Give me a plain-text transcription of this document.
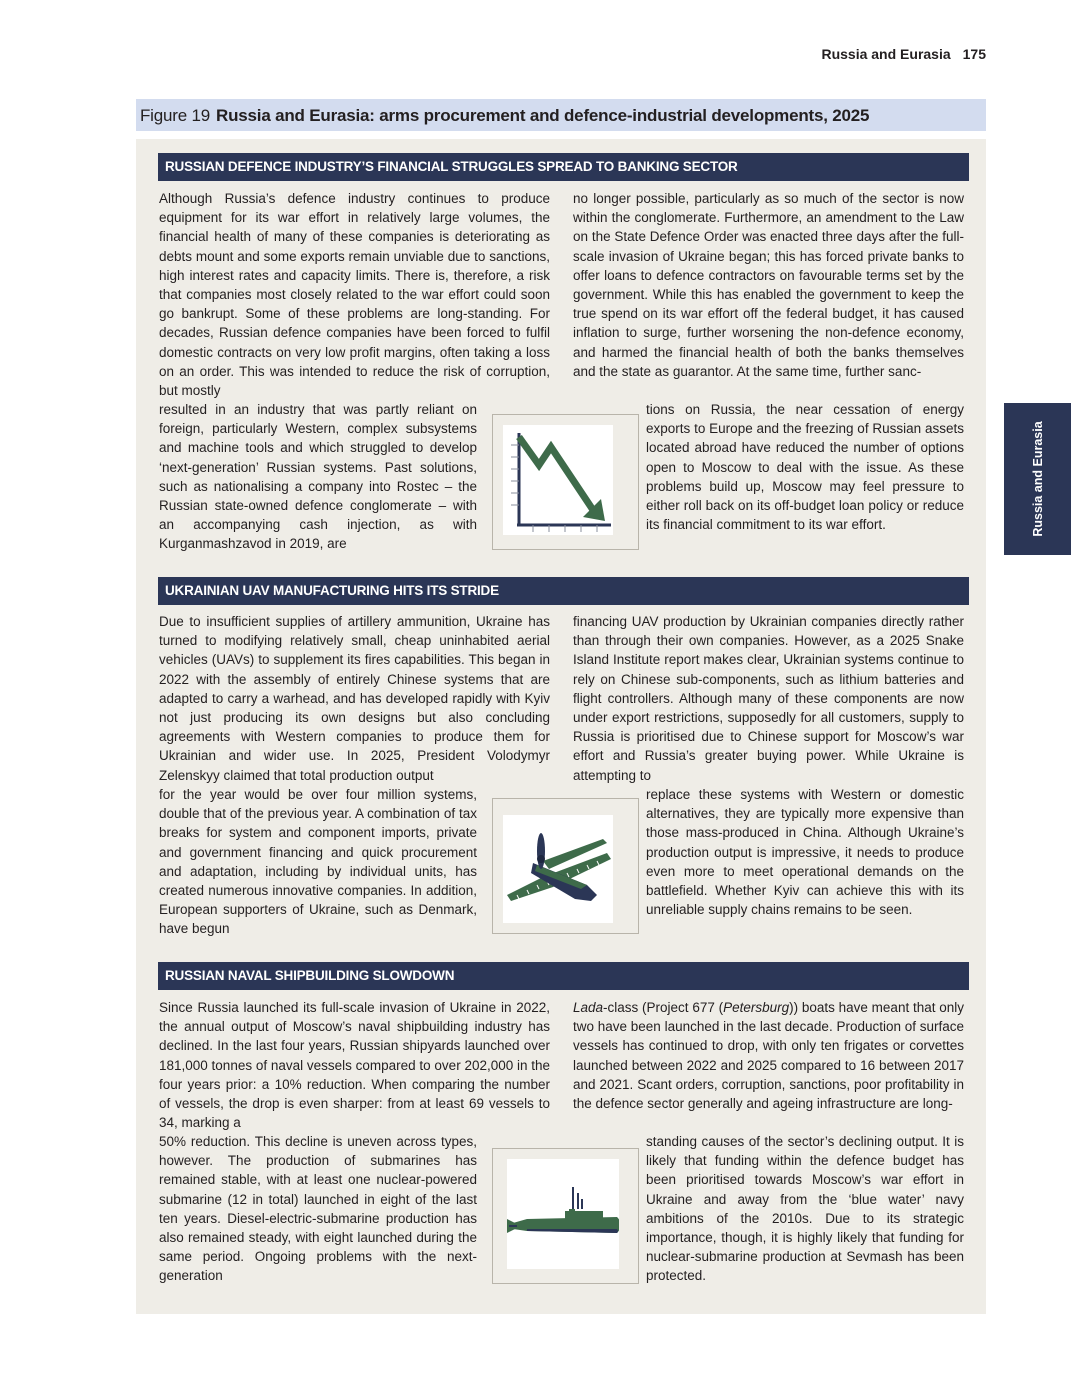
Russia and Eurasia 175
Figure 19 Russia and Eurasia: arms procurement and defence-industrial developments, 2025
Russia and Eurasia
RUSSIAN DEFENCE INDUSTRY’S FINANCIAL STRUGGLES SPREAD TO BANKING SECTOR

Although Russia’s defence industry continues to produce equipment for its war effort in relatively large volumes, the financial health of many of these companies is deteriorating as debts mount and some exports remain unviable due to sanctions, high interest rates and capacity limits. There is, therefore, a risk that companies most closely related to the war effort could soon go bankrupt. Some of these problems are long-standing. For decades, Russian defence companies have been forced to fulfil domestic contracts on very low profit margins, often taking a loss on an order. This was intended to reduce the risk of corruption, but mostly

resulted in an industry that was partly reliant on foreign, particularly Western, complex subsystems and machine tools and which struggled to develop ‘next-generation’ Russian systems. Past solutions, such as nationalising a company into Rostec – the Russian state-owned defence conglomerate – with an accompanying cash injection, as with Kurganmashzavod in 2019, are

no longer possible, particularly as so much of the sector is now within the conglomerate. Furthermore, an amendment to the Law on the State Defence Order was enacted three days after the full-scale invasion of Ukraine began; this has forced private banks to offer loans to defence contractors on favourable terms set by the government. While this has enabled the government to keep the true spend on its war effort off the federal budget, it has caused inflation to surge, further worsening the non-defence economy, and harmed the financial health of both the banks themselves and the state as guarantor. At the same time, further sanc-

tions on Russia, the near cessation of energy exports to Europe and the freezing of Russian assets located abroad have reduced the number of options open to Moscow to deal with the issue. As these problems build up, Moscow may feel pressure to either roll back on its off-budget loan policy or reduce its financial commitment to its war effort.

UKRAINIAN UAV MANUFACTURING HITS ITS STRIDE

Due to insufficient supplies of artillery ammunition, Ukraine has turned to modifying relatively small, cheap uninhabited aerial vehicles (UAVs) to supplement its fires capabilities. This began in 2022 with the assembly of entirely Chinese systems that are adapted to carry a warhead, and has developed rapidly with Kyiv not just producing its own designs but also concluding agreements with Western companies to produce them for Ukrainian and wider use. In 2025, President Volodymyr Zelenskyy claimed that total production output

for the year would be over four million systems, double that of the previous year. A combination of tax breaks for system and component imports, private and government financing and quick procurement and adaptation, including by individual units, has created numerous innovative companies. In addition, European supporters of Ukraine, such as Denmark, have begun

financing UAV production by Ukrainian companies directly rather than through their own companies. However, as a 2025 Snake Island Institute report makes clear, Ukrainian systems continue to rely on Chinese sub-components, such as lithium batteries and flight controllers. Although many of these components are now under export restrictions, supposedly for all customers, supply to Russia is prioritised due to Chinese support for Moscow’s war effort and Russia’s greater buying power. While Ukraine is attempting to

replace these systems with Western or domestic alternatives, they are typically more expensive than those mass-produced in China. Although Ukraine’s production output is impressive, it needs to produce even more to meet operational demands on the battlefield. Whether Kyiv can achieve this with its unreliable supply chains remains to be seen.

RUSSIAN NAVAL SHIPBUILDING SLOWDOWN

Since Russia launched its full-scale invasion of Ukraine in 2022, the annual output of Moscow’s naval shipbuilding industry has declined. In the last four years, Russian shipyards launched over 181,000 tonnes of naval vessels compared to over 202,000 in the four years prior: a 10% reduction. When comparing the number of vessels, the drop is even sharper: from at least 69 vessels to 34, marking a

50% reduction. This decline is uneven across types, however. The production of submarines has remained stable, with at least one nuclear-powered submarine (12 in total) launched in eight of the last ten years. Diesel-electric-submarine production has also remained steady, with eight launched during the same period. Ongoing problems with the next-generation

Lada-class (Project 677 (Petersburg)) boats have meant that only two have been launched in the last decade. Production of surface vessels has continued to drop, with only ten frigates or corvettes launched between 2022 and 2025 compared to 16 between 2017 and 2021. Scant orders, corruption, sanctions, poor profitability in the defence sector generally and ageing infrastructure are long-

standing causes of the sector’s declining output. It is likely that funding within the defence budget has been prioritised towards Moscow’s war effort in Ukraine and away from the ‘blue water’ navy ambitions of the 2010s. Due to its strategic importance, though, it is highly likely that funding for nuclear-submarine production at Sevmash has been protected.
